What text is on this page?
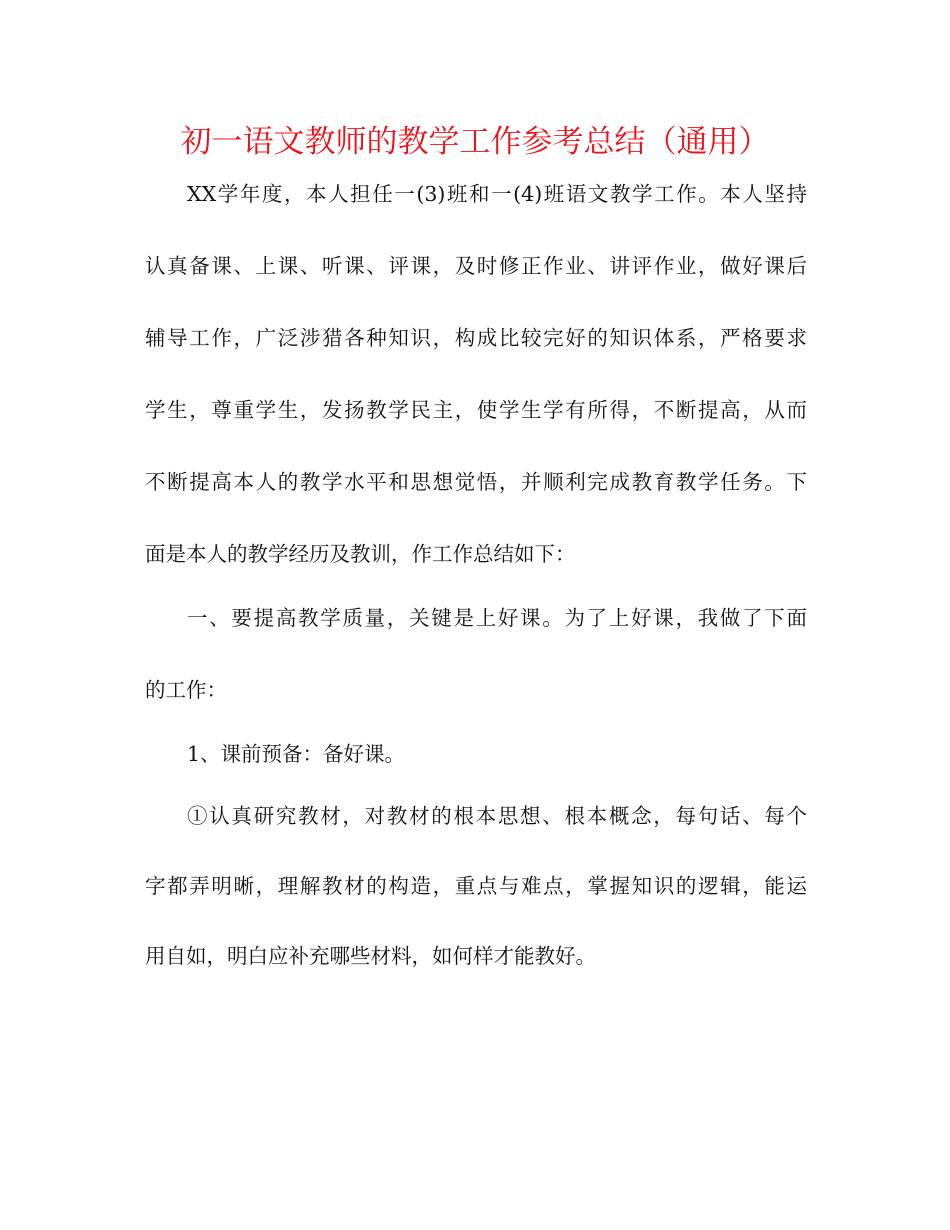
初一语文教师的教学工作参考总结（通用）

XX学年度，本人担任一(3)班和一(4)班语文教学工作。本人坚持

认真备课、上课、听课、评课，及时修正作业、讲评作业，做好课后

辅导工作，广泛涉猎各种知识，构成比较完好的知识体系，严格要求

学生，尊重学生，发扬教学民主，使学生学有所得，不断提高，从而

不断提高本人的教学水平和思想觉悟，并顺利完成教育教学任务。下

面是本人的教学经历及教训，作工作总结如下：

一、要提高教学质量，关键是上好课。为了上好课，我做了下面

的工作：

1、课前预备：备好课。

①认真研究教材，对教材的根本思想、根本概念，每句话、每个

字都弄明晰，理解教材的构造，重点与难点，掌握知识的逻辑，能运

用自如，明白应补充哪些材料，如何样才能教好。
